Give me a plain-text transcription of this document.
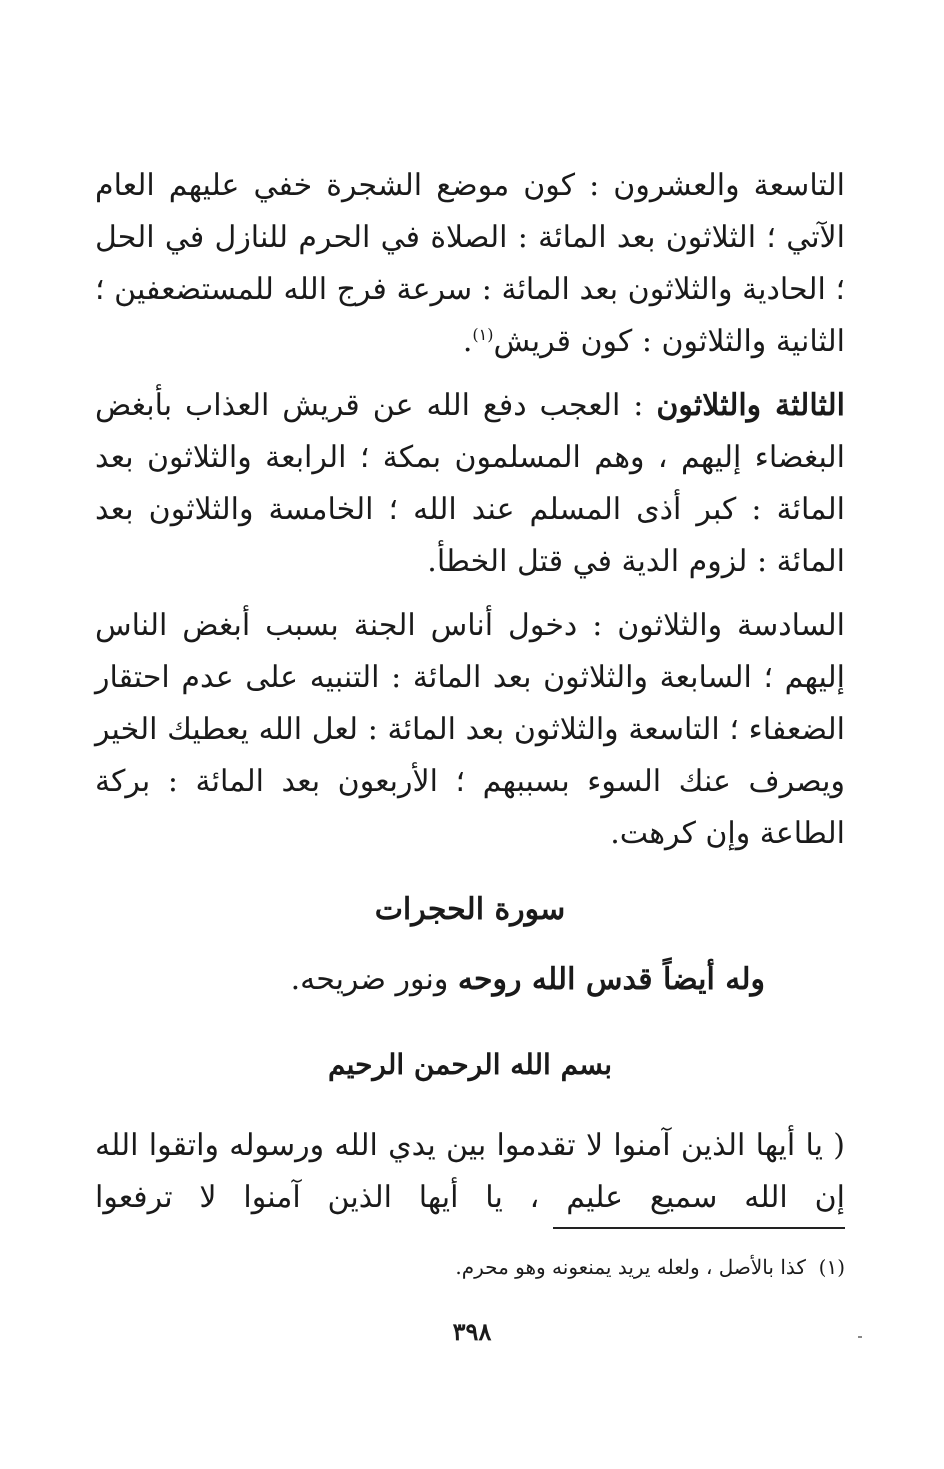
التاسعة والعشرون : كون موضع الشجرة خفي عليهم العام الآتي ؛ الثلاثون بعد المائة : الصلاة في الحرم للنازل في الحل ؛ الحادية والثلاثون بعد المائة : سرعة فرج الله للمستضعفين ؛ الثانية والثلاثون : كون قريش$^{(١)}$.

الثالثة والثلاثون : العجب دفع الله عن قريش العذاب بأبغض البغضاء إليهم ، وهم المسلمون بمكة ؛ الرابعة والثلاثون بعد المائة : كبر أذى المسلم عند الله ؛ الخامسة والثلاثون بعد المائة : لزوم الدية في قتل الخطأ.

السادسة والثلاثون : دخول أناس الجنة بسبب أبغض الناس إليهم ؛ السابعة والثلاثون بعد المائة : التنبيه على عدم احتقار الضعفاء ؛ التاسعة والثلاثون بعد المائة : لعل الله يعطيك الخير ويصرف عنك السوء بسببهم ؛ الأربعون بعد المائة : بركة الطاعة وإن كرهت.

سورة الحجرات
وله أيضاً قدس الله روحه ونور ضريحه.
بسم الله الرحمن الرحيم

( يا أيها الذين آمنوا لا تقدموا بين يدي الله ورسوله واتقوا الله إن الله سميع عليم ، يا أيها الذين آمنوا لا ترفعوا

(١)  كذا بالأصل ، ولعله يريد يمنعونه وهو محرم.
٣٩٨
